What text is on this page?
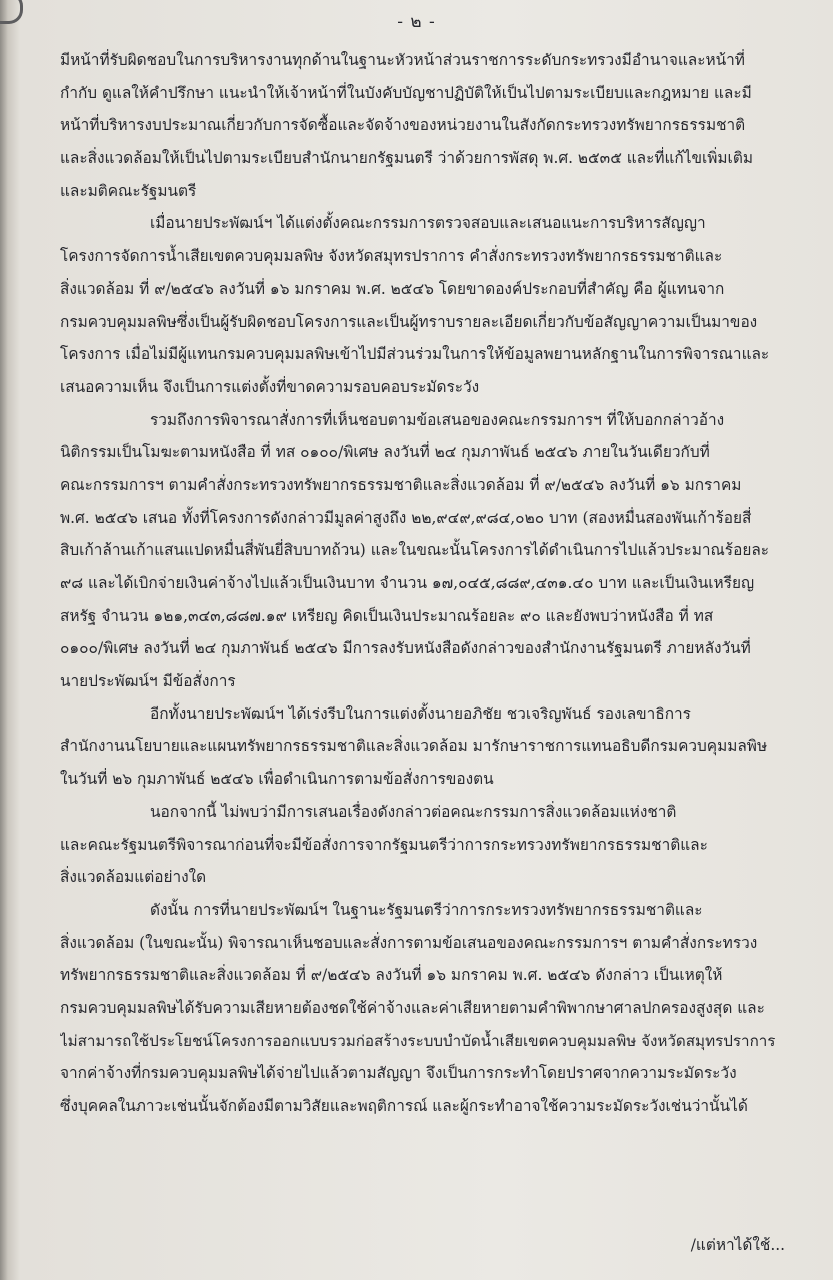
- ๒ -
มีหน้าที่รับผิดชอบในการบริหารงานทุกด้านในฐานะหัวหน้าส่วนราชการระดับกระทรวงมีอำนาจและหน้าที่
กำกับ ดูแลให้คำปรึกษา แนะนำให้เจ้าหน้าที่ในบังคับบัญชาปฏิบัติให้เป็นไปตามระเบียบและกฎหมาย และมี
หน้าที่บริหารงบประมาณเกี่ยวกับการจัดซื้อและจัดจ้างของหน่วยงานในสังกัดกระทรวงทรัพยากรธรรมชาติ
และสิ่งแวดล้อมให้เป็นไปตามระเบียบสำนักนายกรัฐมนตรี ว่าด้วยการพัสดุ พ.ศ. ๒๕๓๕ และที่แก้ไขเพิ่มเติม
และมติคณะรัฐมนตรี
เมื่อนายประพัฒน์ฯ ได้แต่งตั้งคณะกรรมการตรวจสอบและเสนอแนะการบริหารสัญญา
โครงการจัดการน้ำเสียเขตควบคุมมลพิษ จังหวัดสมุทรปราการ คำสั่งกระทรวงทรัพยากรธรรมชาติและ
สิ่งแวดล้อม ที่ ๙/๒๕๔๖ ลงวันที่ ๑๖ มกราคม พ.ศ. ๒๕๔๖ โดยขาดองค์ประกอบที่สำคัญ คือ ผู้แทนจาก
กรมควบคุมมลพิษซึ่งเป็นผู้รับผิดชอบโครงการและเป็นผู้ทราบรายละเอียดเกี่ยวกับข้อสัญญาความเป็นมาของ
โครงการ เมื่อไม่มีผู้แทนกรมควบคุมมลพิษเข้าไปมีส่วนร่วมในการให้ข้อมูลพยานหลักฐานในการพิจารณาและ
เสนอความเห็น จึงเป็นการแต่งตั้งที่ขาดความรอบคอบระมัดระวัง
รวมถึงการพิจารณาสั่งการที่เห็นชอบตามข้อเสนอของคณะกรรมการฯ ที่ให้บอกกล่าวอ้าง
นิติกรรมเป็นโมฆะตามหนังสือ ที่ ทส ๐๑๐๐/พิเศษ ลงวันที่ ๒๔ กุมภาพันธ์ ๒๕๔๖ ภายในวันเดียวกับที่
คณะกรรมการฯ ตามคำสั่งกระทรวงทรัพยากรธรรมชาติและสิ่งแวดล้อม ที่ ๙/๒๕๔๖ ลงวันที่ ๑๖ มกราคม
พ.ศ. ๒๕๔๖ เสนอ ทั้งที่โครงการดังกล่าวมีมูลค่าสูงถึง ๒๒,๙๔๙,๙๘๔,๐๒๐ บาท (สองหมื่นสองพันเก้าร้อยสี่
สิบเก้าล้านเก้าแสนแปดหมื่นสี่พันยี่สิบบาทถ้วน) และในขณะนั้นโครงการได้ดำเนินการไปแล้วประมาณร้อยละ
๙๘ และได้เบิกจ่ายเงินค่าจ้างไปแล้วเป็นเงินบาท จำนวน ๑๗,๐๔๕,๘๘๙,๔๓๑.๔๐ บาท และเป็นเงินเหรียญ
สหรัฐ จำนวน ๑๒๑,๓๔๓,๘๘๗.๑๙ เหรียญ คิดเป็นเงินประมาณร้อยละ ๙๐ และยังพบว่าหนังสือ ที่ ทส
๐๑๐๐/พิเศษ ลงวันที่ ๒๔ กุมภาพันธ์ ๒๕๔๖ มีการลงรับหนังสือดังกล่าวของสำนักงานรัฐมนตรี ภายหลังวันที่
นายประพัฒน์ฯ มีข้อสั่งการ
อีกทั้งนายประพัฒน์ฯ ได้เร่งรีบในการแต่งตั้งนายอภิชัย ชวเจริญพันธ์ รองเลขาธิการ
สำนักงานนโยบายและแผนทรัพยากรธรรมชาติและสิ่งแวดล้อม มารักษาราชการแทนอธิบดีกรมควบคุมมลพิษ
ในวันที่ ๒๖ กุมภาพันธ์ ๒๕๔๖ เพื่อดำเนินการตามข้อสั่งการของตน
นอกจากนี้ ไม่พบว่ามีการเสนอเรื่องดังกล่าวต่อคณะกรรมการสิ่งแวดล้อมแห่งชาติ
และคณะรัฐมนตรีพิจารณาก่อนที่จะมีข้อสั่งการจากรัฐมนตรีว่าการกระทรวงทรัพยากรธรรมชาติและ
สิ่งแวดล้อมแต่อย่างใด
ดังนั้น การที่นายประพัฒน์ฯ ในฐานะรัฐมนตรีว่าการกระทรวงทรัพยากรธรรมชาติและ
สิ่งแวดล้อม (ในขณะนั้น) พิจารณาเห็นชอบและสั่งการตามข้อเสนอของคณะกรรมการฯ ตามคำสั่งกระทรวง
ทรัพยากรธรรมชาติและสิ่งแวดล้อม ที่ ๙/๒๕๔๖ ลงวันที่ ๑๖ มกราคม พ.ศ. ๒๕๔๖ ดังกล่าว เป็นเหตุให้
กรมควบคุมมลพิษได้รับความเสียหายต้องชดใช้ค่าจ้างและค่าเสียหายตามคำพิพากษาศาลปกครองสูงสุด และ
ไม่สามารถใช้ประโยชน์โครงการออกแบบรวมก่อสร้างระบบบำบัดน้ำเสียเขตควบคุมมลพิษ จังหวัดสมุทรปราการ
จากค่าจ้างที่กรมควบคุมมลพิษได้จ่ายไปแล้วตามสัญญา จึงเป็นการกระทำโดยปราศจากความระมัดระวัง
ซึ่งบุคคลในภาวะเช่นนั้นจักต้องมีตามวิสัยและพฤติการณ์ และผู้กระทำอาจใช้ความระมัดระวังเช่นว่านั้นได้
/แต่หาได้ใช้...
